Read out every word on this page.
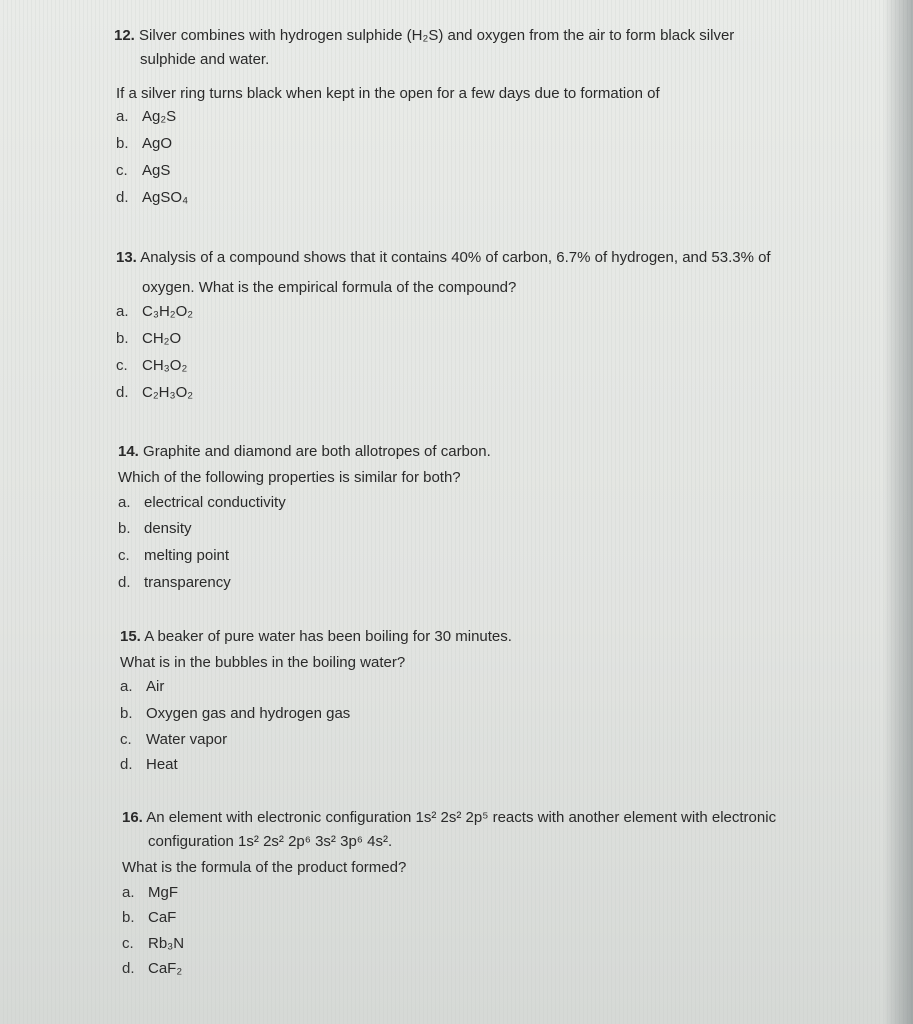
12. Silver combines with hydrogen sulphide (H₂S) and oxygen from the air to form black silver
sulphide and water.
If a silver ring turns black when kept in the open for a few days due to formation of
a. Ag₂S
b. AgO
c. AgS
d. AgSO₄
13. Analysis of a compound shows that it contains 40% of carbon, 6.7% of hydrogen, and 53.3% of
oxygen. What is the empirical formula of the compound?
a. C₃H₂O₂
b. CH₂O
c. CH₃O₂
d. C₂H₃O₂
14. Graphite and diamond are both allotropes of carbon.
Which of the following properties is similar for both?
a. electrical conductivity
b. density
c. melting point
d. transparency
15. A beaker of pure water has been boiling for 30 minutes.
What is in the bubbles in the boiling water?
a. Air
b. Oxygen gas and hydrogen gas
c. Water vapor
d. Heat
16. An element with electronic configuration 1s² 2s² 2p⁵ reacts with another element with electronic
configuration 1s² 2s² 2p⁶ 3s² 3p⁶ 4s².
What is the formula of the product formed?
a. MgF
b. CaF
c. Rb₃N
d. CaF₂
